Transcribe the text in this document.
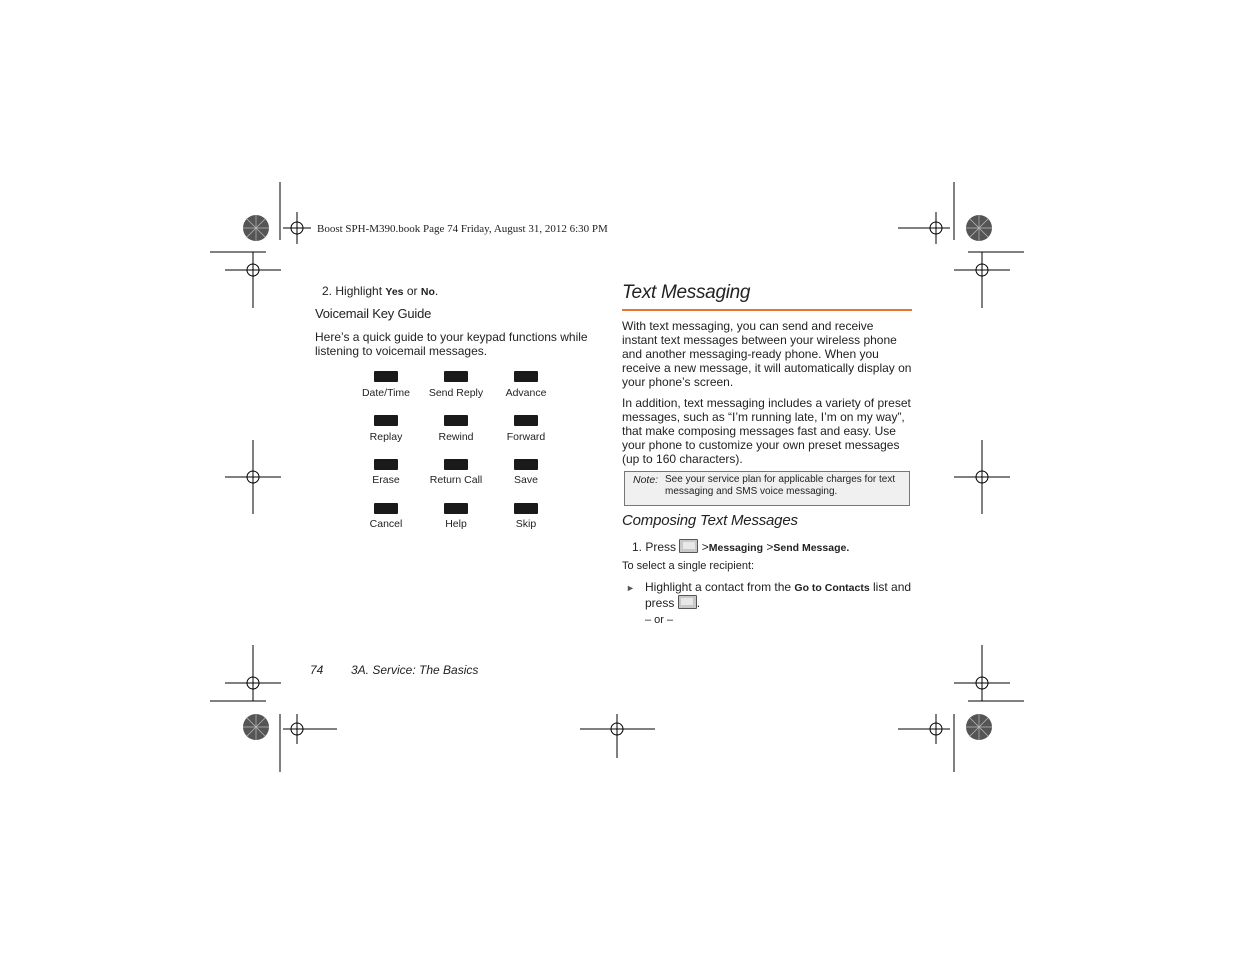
Boost SPH-M390.book Page 74 Friday, August 31, 2012 6:30 PM
2. Highlight Yes or No.
Voicemail Key Guide
Here’s a quick guide to your keypad functions while listening to voicemail messages.
Date/Time	Send Reply	Advance
Replay	Rewind	Forward
Erase	Return Call	Save
Cancel	Help	Skip
Text Messaging
With text messaging, you can send and receive instant text messages between your wireless phone and another messaging-ready phone. When you receive a new message, it will automatically display on your phone’s screen.
In addition, text messaging includes a variety of preset messages, such as “I’m running late, I’m on my way”, that make composing messages fast and easy. Use your phone to customize your own preset messages (up to 160 characters).
Note: See your service plan for applicable charges for text messaging and SMS voice messaging.
Composing Text Messages
1. Press >Messaging >Send Message.
To select a single recipient:
► Highlight a contact from the Go to Contacts list and
press .
– or –
74 3A. Service: The Basics
